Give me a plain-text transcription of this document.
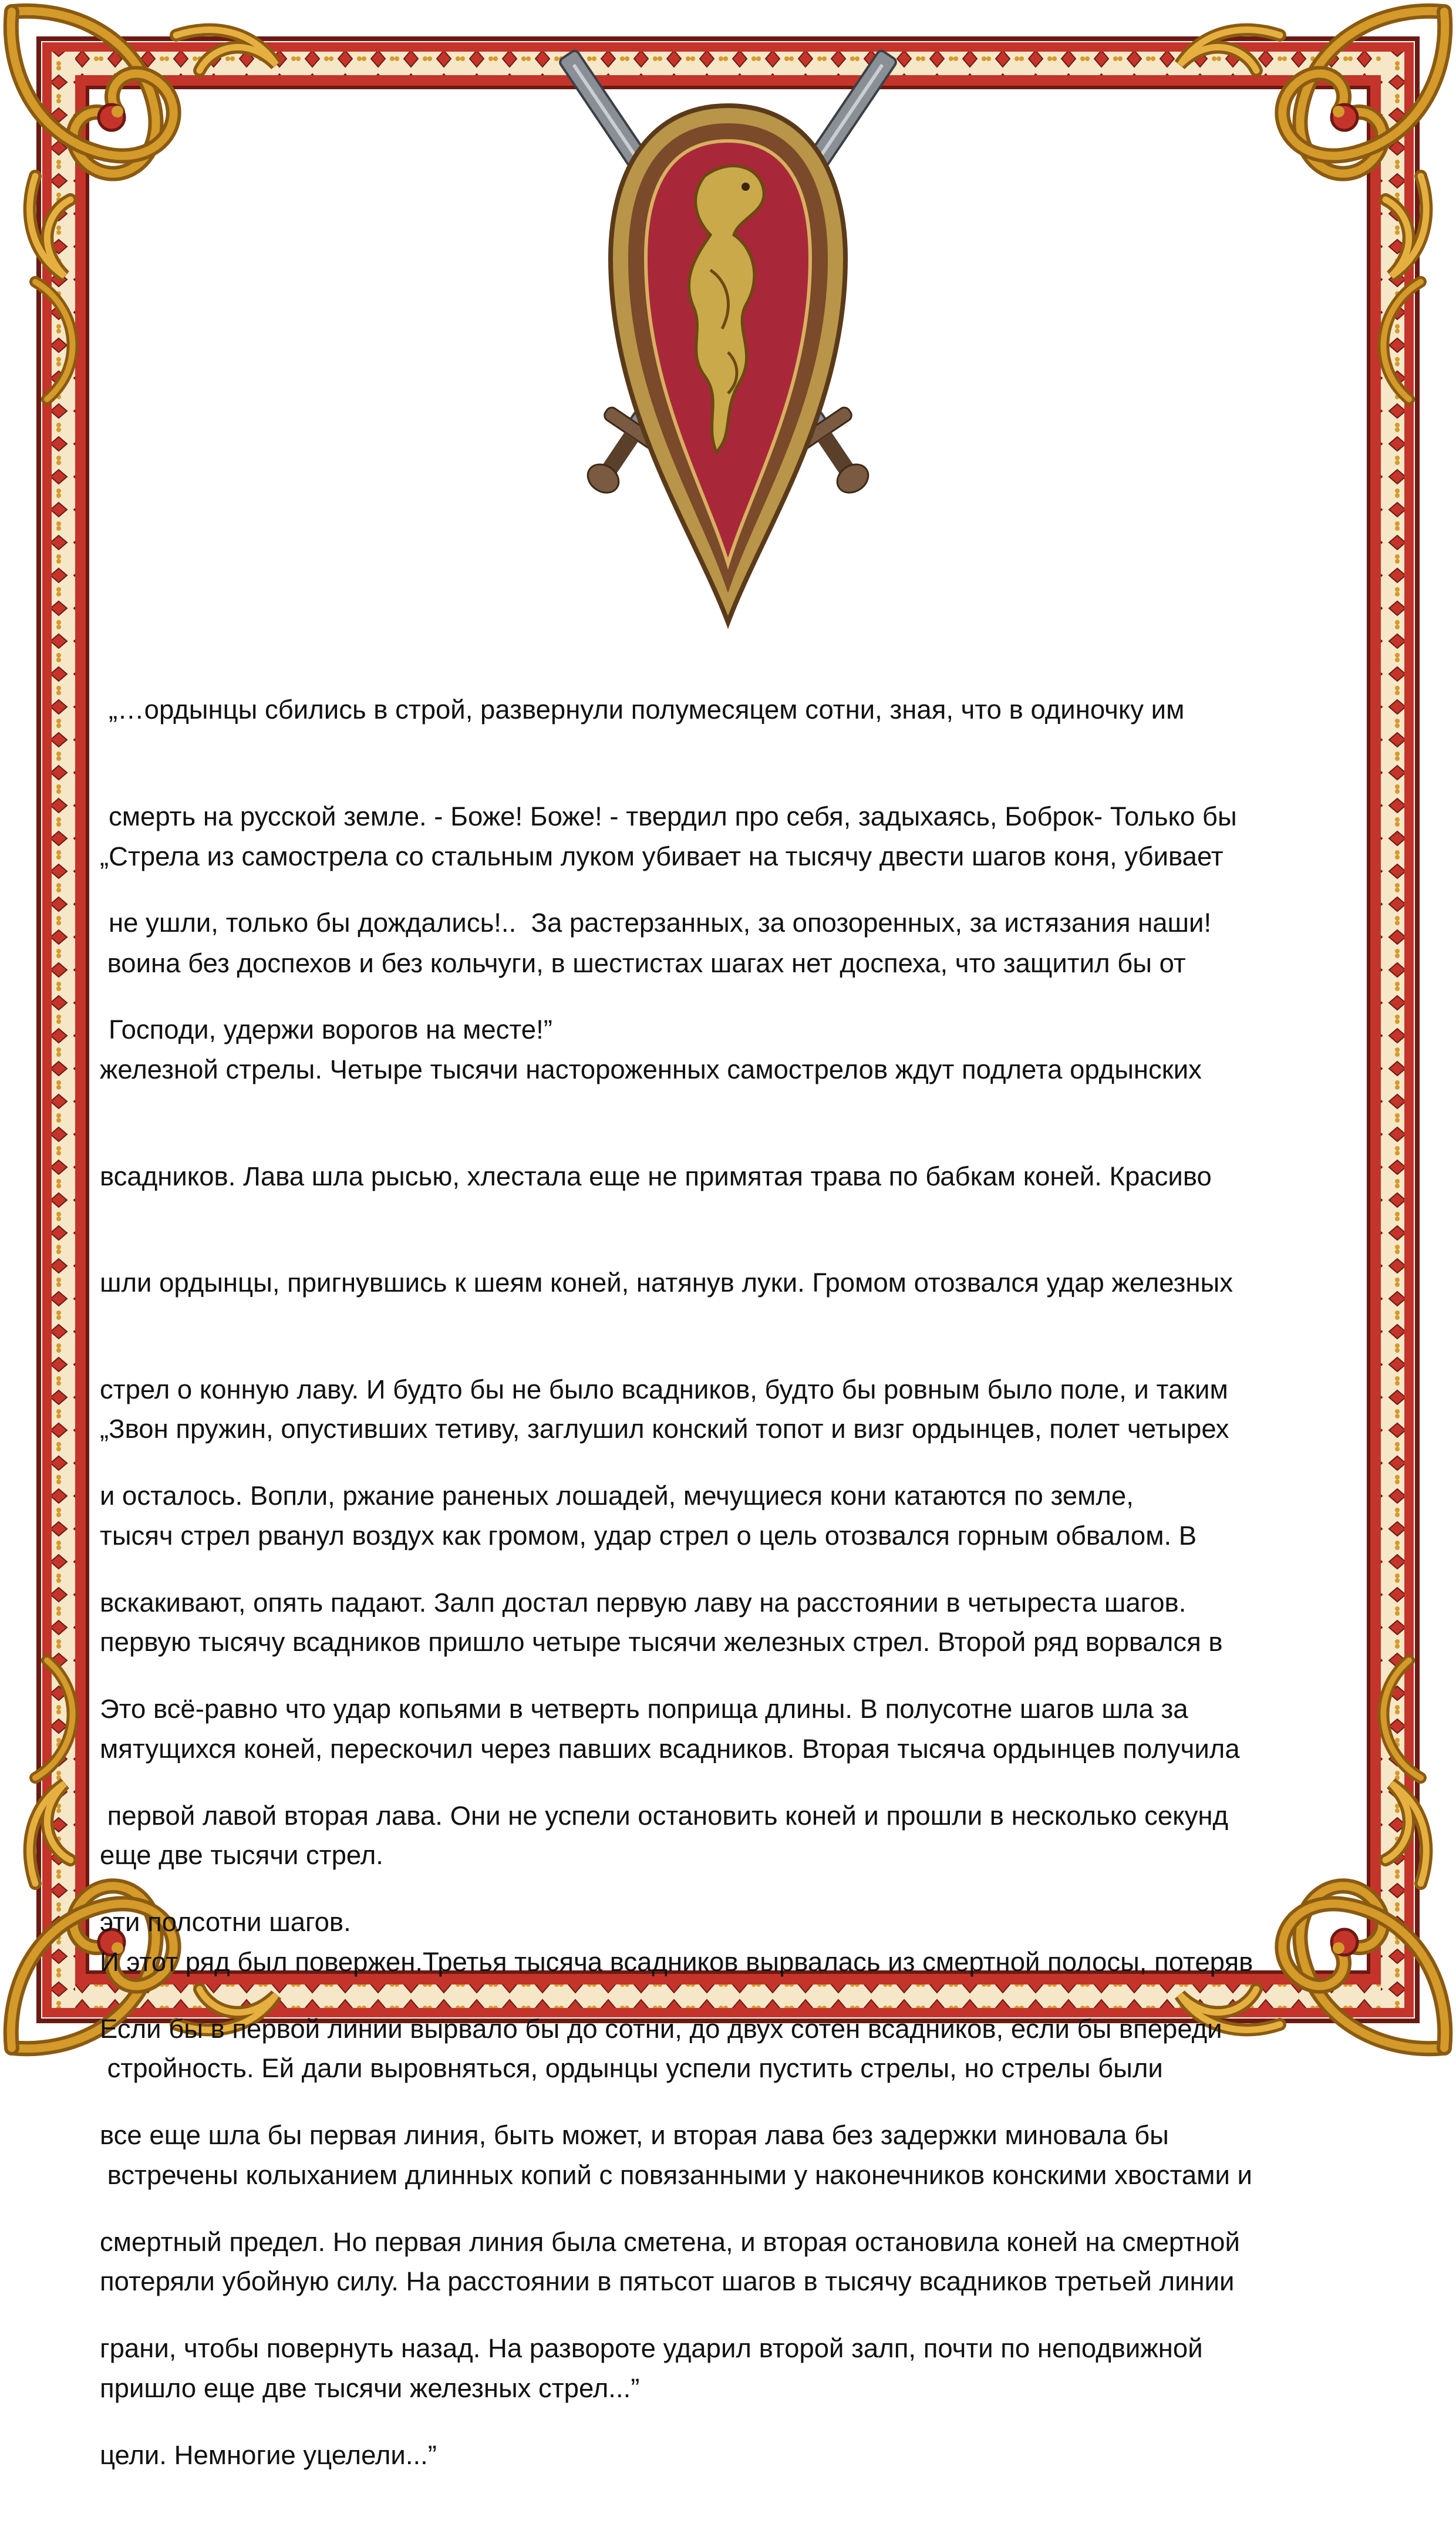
„…ордынцы сбились в строй, развернули полумесяцем сотни, зная, что в одиночку им

смерть на русской земле. - Боже! Боже! - твердил про себя, задыхаясь, Боброк- Только бы

не ушли, только бы дождались!..  За растерзанных, за опозоренных, за истязания наши!

Господи, удержи ворогов на месте!”

„Стрела из самострела со стальным луком убивает на тысячу двести шагов коня, убивает

воина без доспехов и без кольчуги, в шестистах шагах нет доспеха, что защитил бы от

железной стрелы. Четыре тысячи настороженных самострелов ждут подлета ордынских

всадников. Лава шла рысью, хлестала еще не примятая трава по бабкам коней. Красиво

шли ордынцы, пригнувшись к шеям коней, натянув луки. Громом отозвался удар железных

стрел о конную лаву. И будто бы не было всадников, будто бы ровным было поле, и таким

и осталось. Вопли, ржание раненых лошадей, мечущиеся кони катаются по земле,

вскакивают, опять падают. Залп достал первую лаву на расстоянии в четыреста шагов.

Это всё-равно что удар копьями в четверть поприща длины. В полусотне шагов шла за

первой лавой вторая лава. Они не успели остановить коней и прошли в несколько секунд

эти полсотни шагов.

Если бы в первой линии вырвало бы до сотни, до двух сотен всадников, если бы впереди

все еще шла бы первая линия, быть может, и вторая лава без задержки миновала бы

смертный предел. Но первая линия была сметена, и вторая остановила коней на смертной

грани, чтобы повернуть назад. На развороте ударил второй залп, почти по неподвижной

цели. Немногие уцелели...”

„Звон пружин, опустивших тетиву, заглушил конский топот и визг ордынцев, полет четырех

тысяч стрел рванул воздух как громом, удар стрел о цель отозвался горным обвалом. В

первую тысячу всадников пришло четыре тысячи железных стрел. Второй ряд ворвался в

мятущихся коней, перескочил через павших всадников. Вторая тысяча ордынцев получила

еще две тысячи стрел.

И этот ряд был повержен.Третья тысяча всадников вырвалась из смертной полосы, потеряв

стройность. Ей дали выровняться, ордынцы успели пустить стрелы, но стрелы были

встречены колыханием длинных копий с повязанными у наконечников конскими хвостами и

потеряли убойную силу. На расстоянии в пятьсот шагов в тысячу всадников третьей линии

пришло еще две тысячи железных стрел...”
